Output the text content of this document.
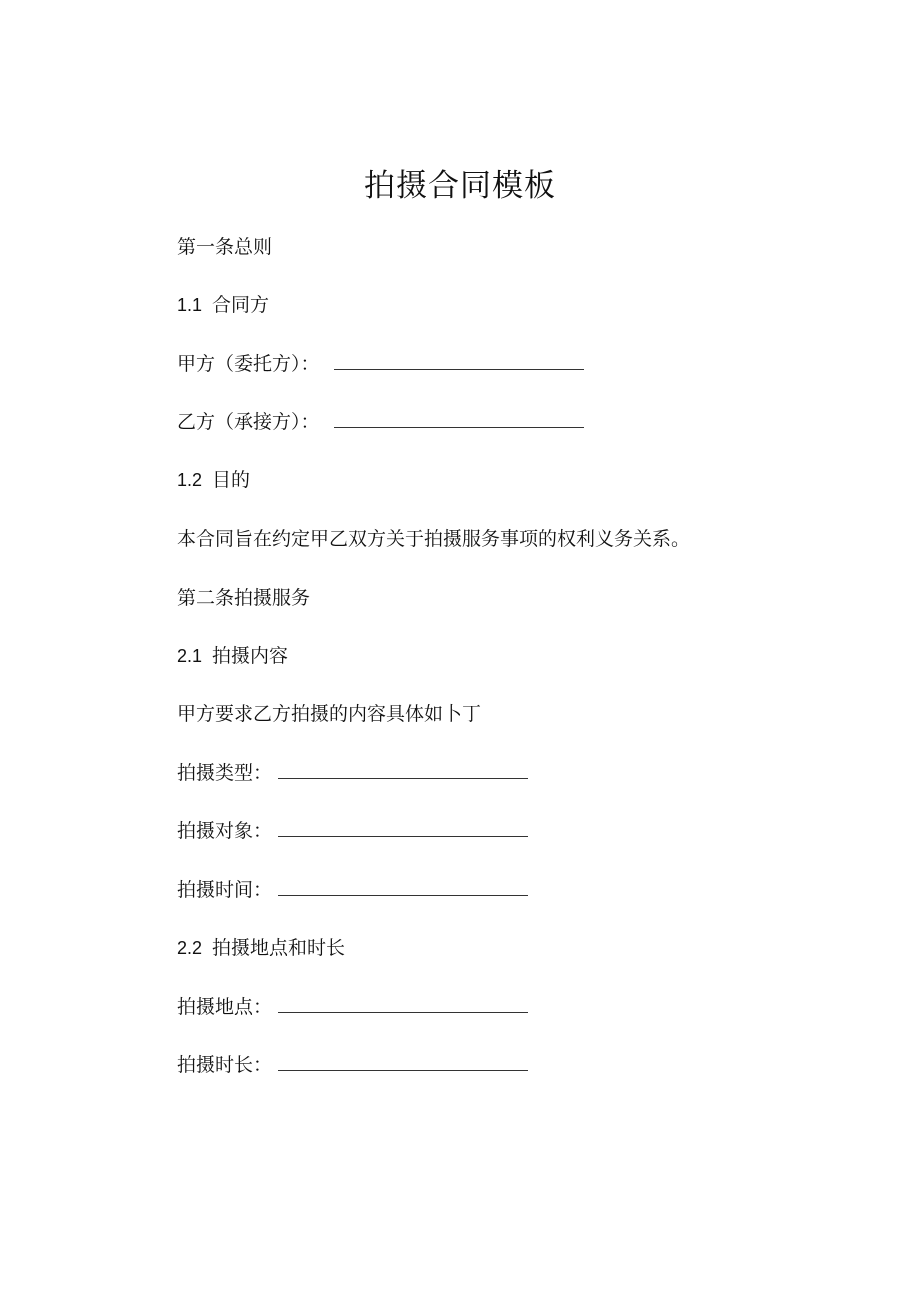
拍摄合同模板
第一条总则
1.1 合同方
甲方（委托方）：
乙方（承接方）：
1.2 目的
本合同旨在约定甲乙双方关于拍摄服务事项的权利义务关系。
第二条拍摄服务
2.1 拍摄内容
甲方要求乙方拍摄的内容具体如卜丁
拍摄类型：
拍摄对象：
拍摄时间：
2.2 拍摄地点和时长
拍摄地点：
拍摄时长：
